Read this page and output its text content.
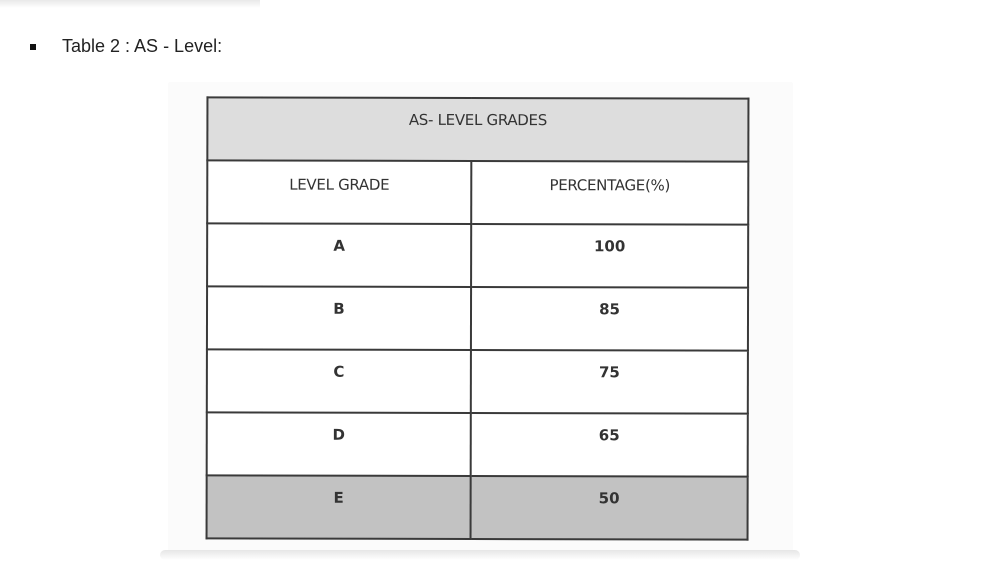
Table 2 : AS - Level:
AS- LEVEL GRADES	
LEVEL GRADE	PERCENTAGE(%)
A	100
B	85
C	75
D	65
E	50
